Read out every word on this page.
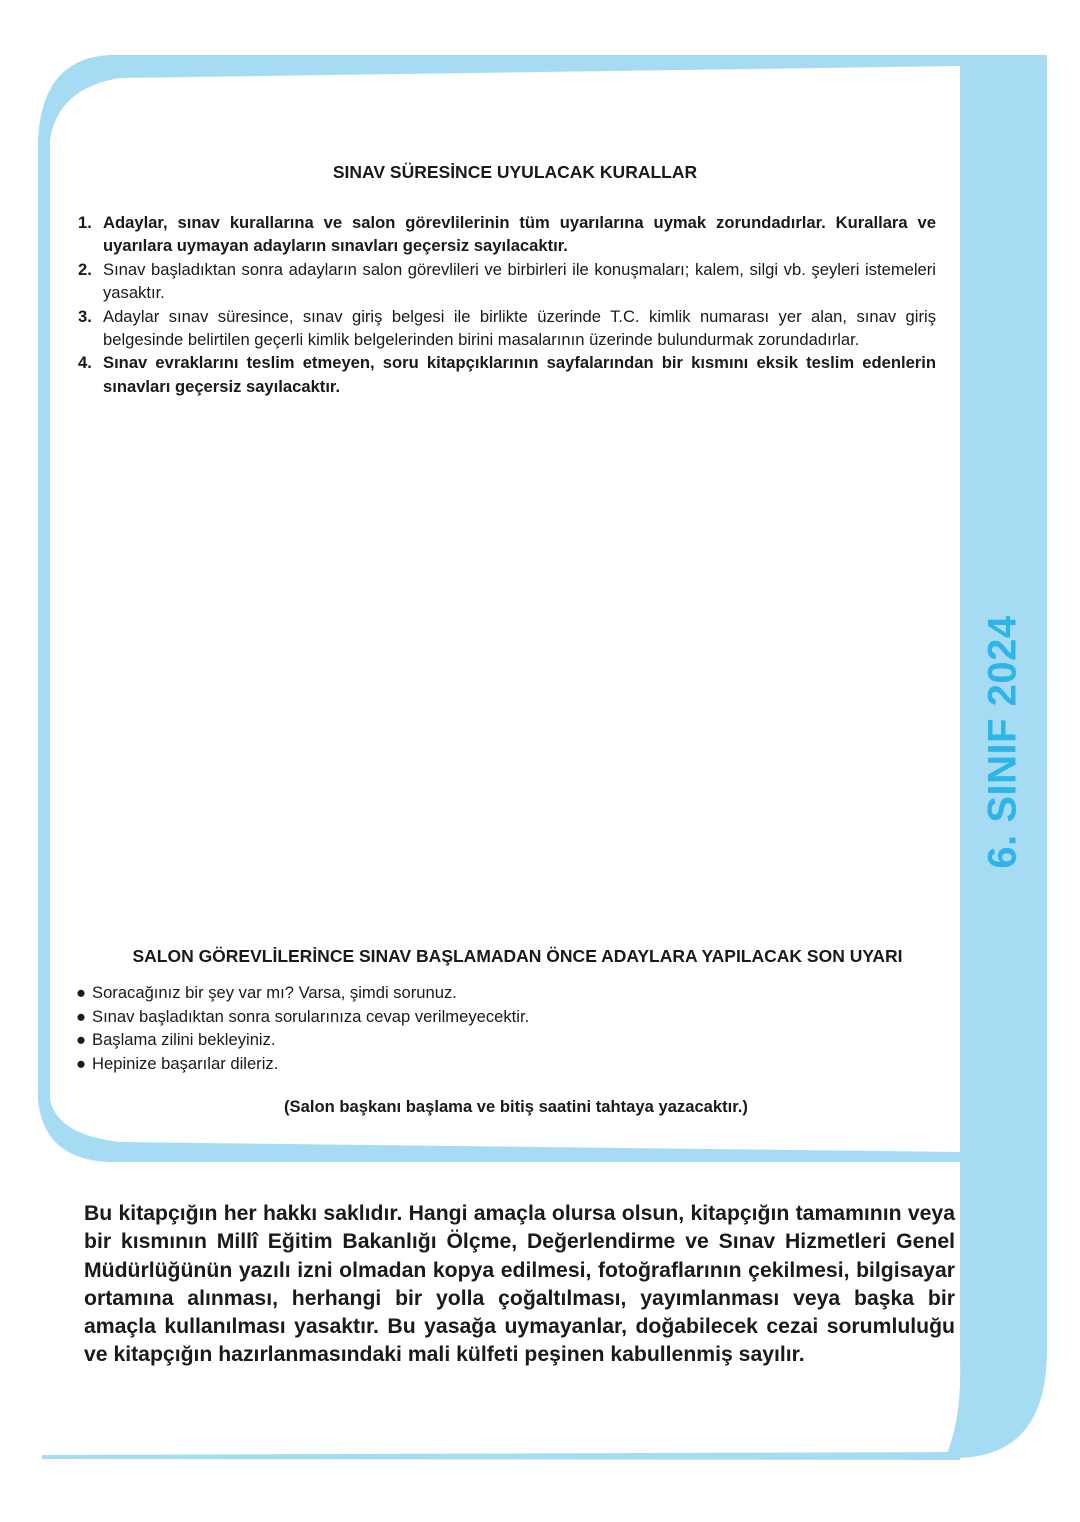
6. SINIF 2024
SINAV SÜRESİNCE UYULACAK KURALLAR
1. Adaylar, sınav kurallarına ve salon görevlilerinin tüm uyarılarına uymak zorundadırlar. Kurallara ve uyarılara uymayan adayların sınavları geçersiz sayılacaktır.
2. Sınav başladıktan sonra adayların salon görevlileri ve birbirleri ile konuşmaları; kalem, silgi vb. şeyleri istemeleri yasaktır.
3. Adaylar sınav süresince, sınav giriş belgesi ile birlikte üzerinde T.C. kimlik numarası yer alan, sınav giriş belgesinde belirtilen geçerli kimlik belgelerinden birini masalarının üzerinde bulundurmak zorundadırlar.
4. Sınav evraklarını teslim etmeyen, soru kitapçıklarının sayfalarından bir kısmını eksik teslim edenlerin sınavları geçersiz sayılacaktır.
SALON GÖREVLİLERİNCE SINAV BAŞLAMADAN ÖNCE ADAYLARA YAPILACAK SON UYARI
● Soracağınız bir şey var mı? Varsa, şimdi sorunuz.
● Sınav başladıktan sonra sorularınıza cevap verilmeyecektir.
● Başlama zilini bekleyiniz.
● Hepinize başarılar dileriz.

(Salon başkanı başlama ve bitiş saatini tahtaya yazacaktır.)

Bu kitapçığın her hakkı saklıdır. Hangi amaçla olursa olsun, kitapçığın tamamının veya bir kısmının Millî Eğitim Bakanlığı Ölçme, Değerlendirme ve Sınav Hizmetleri Genel Müdürlüğünün yazılı izni olmadan kopya edilmesi, fotoğraflarının çekilmesi, bilgisayar ortamına alınması, herhangi bir yolla çoğaltılması, yayımlanması veya başka bir amaçla kullanılması yasaktır. Bu yasağa uymayanlar, doğabilecek cezai sorumluluğu ve kitapçığın hazırlanmasındaki mali külfeti peşinen kabullenmiş sayılır.
